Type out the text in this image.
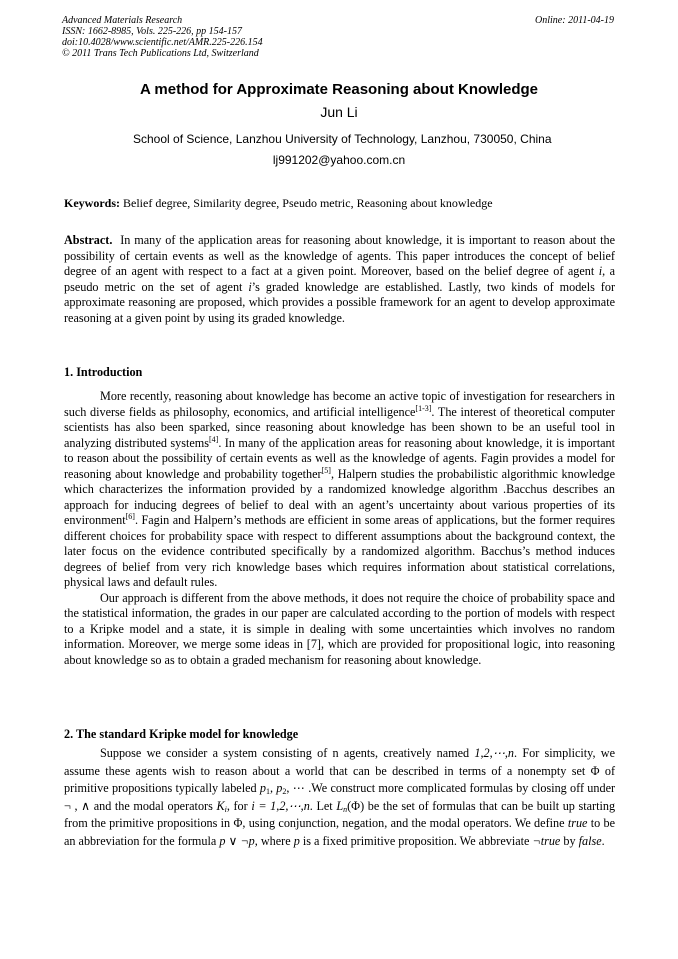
Advanced Materials Research
ISSN: 1662-8985, Vols. 225-226, pp 154-157
doi:10.4028/www.scientific.net/AMR.225-226.154
© 2011 Trans Tech Publications Ltd, Switzerland
Online: 2011-04-19
A method for Approximate Reasoning about Knowledge
Jun Li
School of Science, Lanzhou University of Technology, Lanzhou, 730050, China
lj991202@yahoo.com.cn
Keywords: Belief degree, Similarity degree, Pseudo metric, Reasoning about knowledge

Abstract. In many of the application areas for reasoning about knowledge, it is important to reason about the possibility of certain events as well as the knowledge of agents. This paper introduces the concept of belief degree of an agent with respect to a fact at a given point. Moreover, based on the belief degree of agent i, a pseudo metric on the set of agent i’s graded knowledge are established. Lastly, two kinds of models for approximate reasoning are proposed, which provides a possible framework for an agent to develop approximate reasoning at a given point by using its graded knowledge.

1. Introduction

More recently, reasoning about knowledge has become an active topic of investigation for researchers in such diverse fields as philosophy, economics, and artificial intelligence[1-3]. The interest of theoretical computer scientists has also been sparked, since reasoning about knowledge has been shown to be an useful tool in analyzing distributed systems[4]. In many of the application areas for reasoning about knowledge, it is important to reason about the possibility of certain events as well as the knowledge of agents. Fagin provides a model for reasoning about knowledge and probability together[5], Halpern studies the probabilistic algorithmic knowledge which characterizes the information provided by a randomized knowledge algorithm .Bacchus describes an approach for inducing degrees of belief to deal with an agent’s uncertainty about various properties of its environment[6]. Fagin and Halpern’s methods are efficient in some areas of applications, but the former requires different choices for probability space with respect to different assumptions about the background context, the later focus on the evidence contributed specifically by a randomized algorithm. Bacchus’s method induces degrees of belief from very rich knowledge bases which requires information about statistical correlations, physical laws and default rules.

Our approach is different from the above methods, it does not require the choice of probability space and the statistical information, the grades in our paper are calculated according to the portion of models with respect to a Kripke model and a state, it is simple in dealing with some uncertainties which involves no random information. Moreover, we merge some ideas in [7], which are provided for propositional logic, into reasoning about knowledge so as to obtain a graded mechanism for reasoning about knowledge.

2. The standard Kripke model for knowledge

Suppose we consider a system consisting of n agents, creatively named 1,2,⋯,n. For simplicity, we assume these agents wish to reason about a world that can be described in terms of a nonempty set Φ of primitive propositions typically labeled $p_1$, $p_2$, ⋯ .We construct more complicated formulas by closing off under ¬ , ∧ and the modal operators $K_i$, for i = 1,2,⋯,n. Let $L_n(\Phi)$ be the set of formulas that can be built up starting from the primitive propositions in Φ, using conjunction, negation, and the modal operators. We define true to be an abbreviation for the formula p ∨ ¬p, where p is a fixed primitive proposition. We abbreviate ¬true by false.
